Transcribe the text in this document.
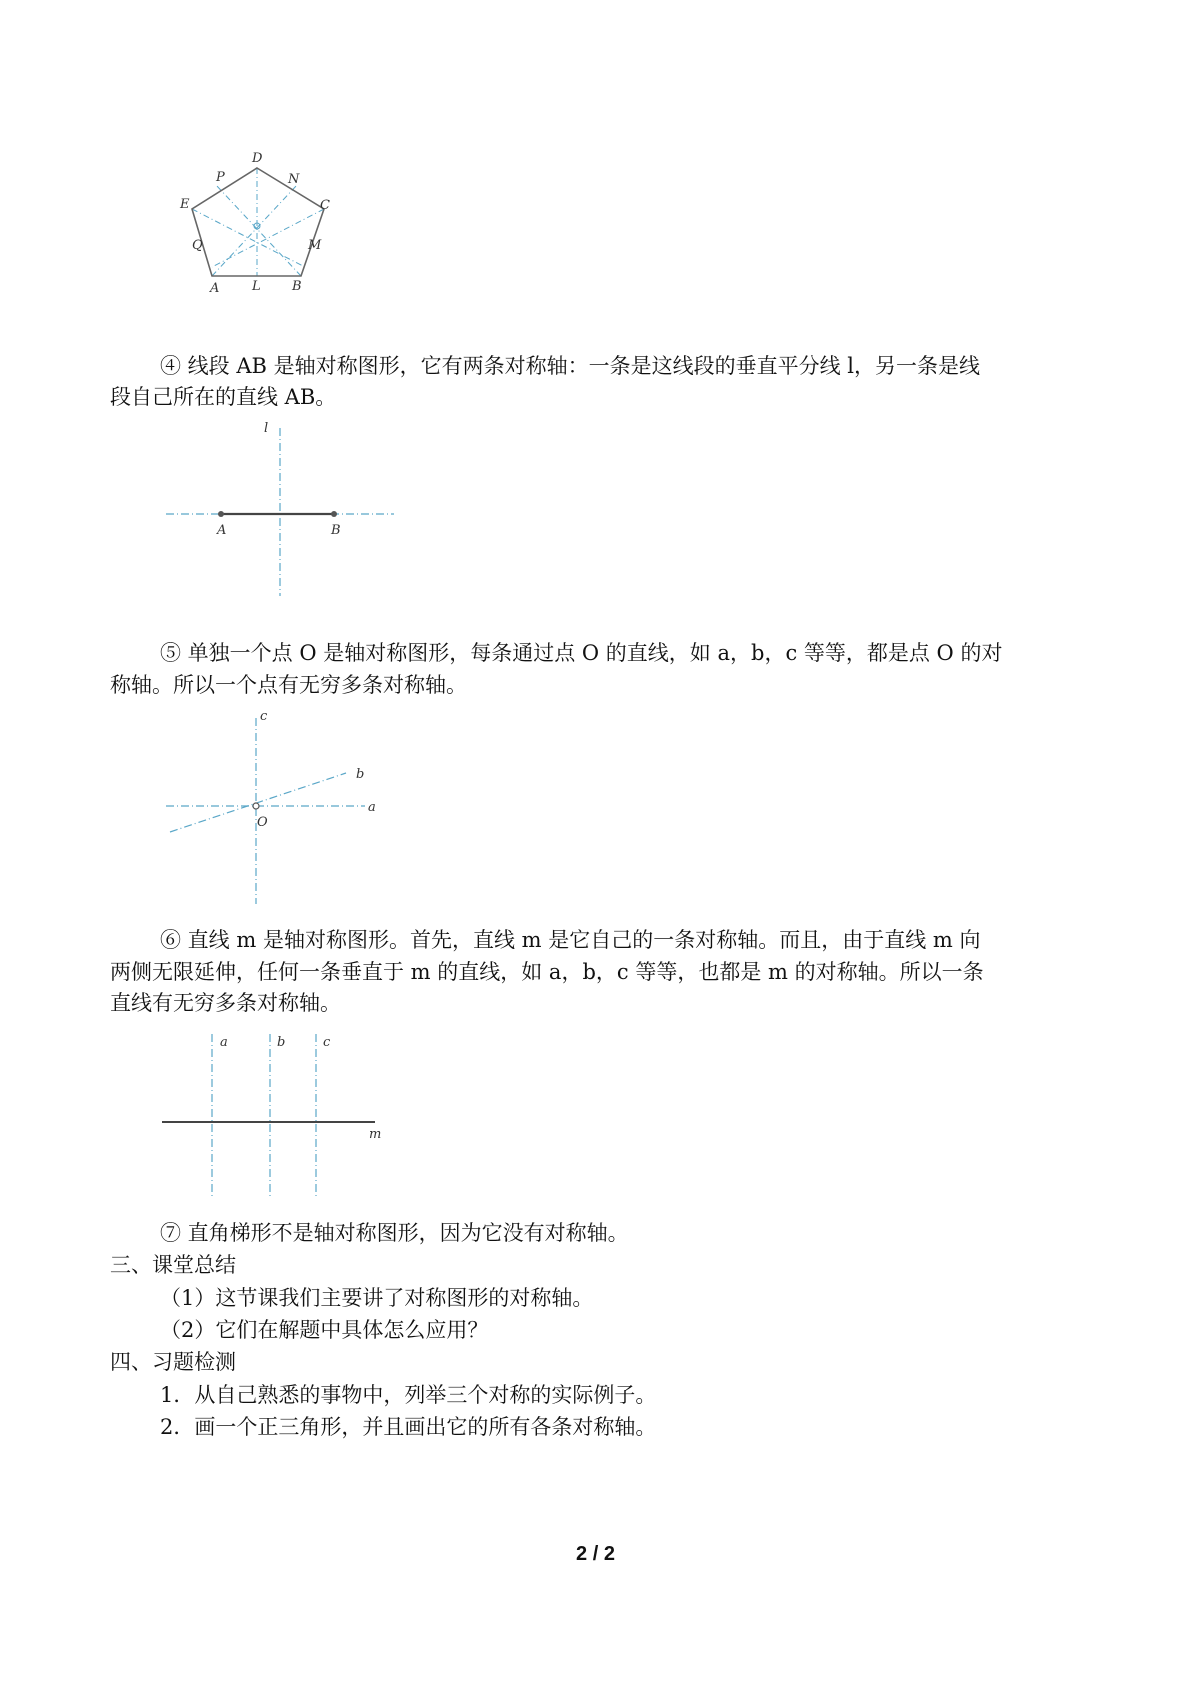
D
P	N
E	C
Q	M
A	L B
④ 线段 AB 是轴对称图形，它有两条对称轴：一条是这线段的垂直平分线 l，另一条是线
段自己所在的直线 AB。
l
A	B
⑤ 单独一个点 O 是轴对称图形，每条通过点 O 的直线，如 a，b，c 等等，都是点 O 的对
称轴。所以一个点有无穷多条对称轴。
c
b
a
O
⑥ 直线 m 是轴对称图形。首先，直线 m 是它自己的一条对称轴。而且，由于直线 m 向
两侧无限延伸，任何一条垂直于 m 的直线，如 a，b，c 等等，也都是 m 的对称轴。所以一条
直线有无穷多条对称轴。
a	b	c
m
⑦ 直角梯形不是轴对称图形，因为它没有对称轴。
三、课堂总结
（1）这节课我们主要讲了对称图形的对称轴。
（2）它们在解题中具体怎么应用？
四、习题检测
1．从自己熟悉的事物中，列举三个对称的实际例子。
2．画一个正三角形，并且画出它的所有各条对称轴。
2 / 2
